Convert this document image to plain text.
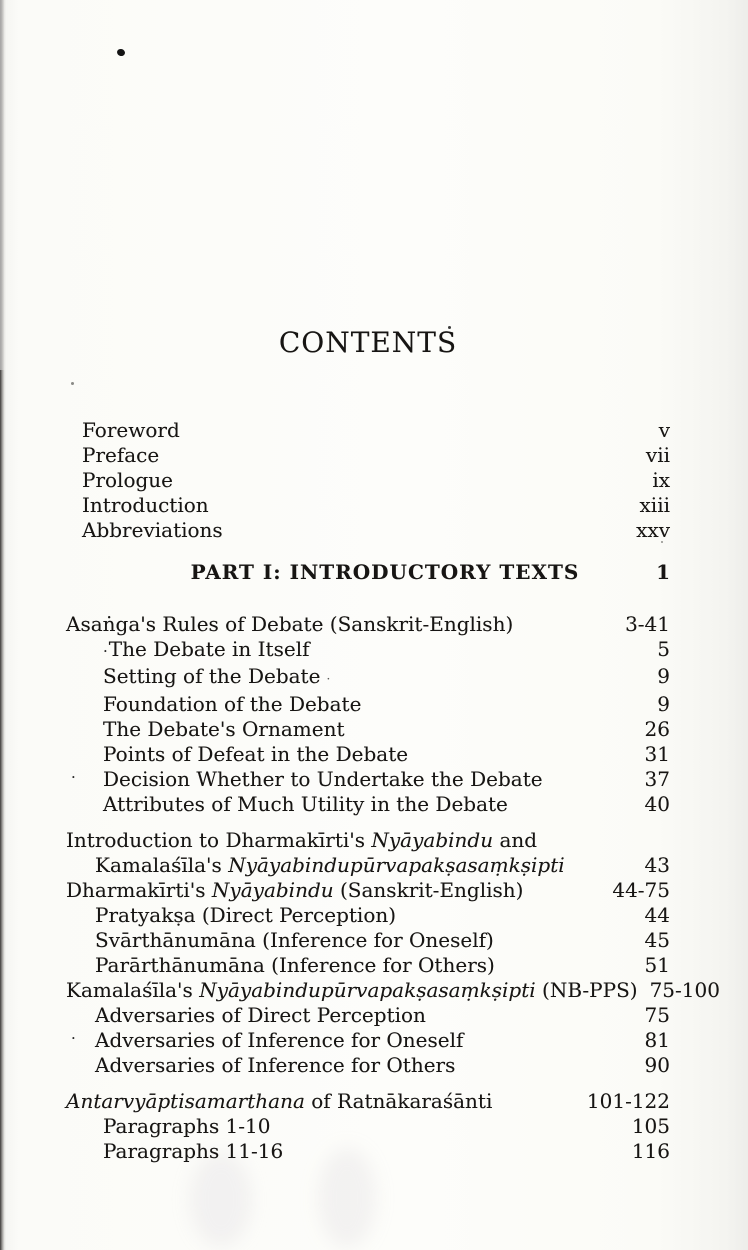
CONTENTS
Foreword	v
Preface	vii
Prologue	ix
Introduction	xiii
Abbreviations	xxv
PART I: INTRODUCTORY TEXTS	1
Asaṅga's Rules of Debate (Sanskrit-English)	3-41
· The Debate in Itself	5
Setting of the Debate ·	9
Foundation of the Debate	9
The Debate's Ornament	26
Points of Defeat in the Debate	31
· Decision Whether to Undertake the Debate	37
Attributes of Much Utility in the Debate	40
Introduction to Dharmakīrti's Nyāyabindu and
Kamalaśīla's Nyāyabindupūrvapakṣasaṃkṣipti	43
Dharmakīrti's Nyāyabindu (Sanskrit-English)	44-75
Pratyakṣa (Direct Perception)	44
Svārthānumāna (Inference for Oneself)	45
Parārthānumāna (Inference for Others)	51
Kamalaśīla's Nyāyabindupūrvapakṣasaṃkṣipti (NB-PPS) 75-100
Adversaries of Direct Perception	75
· Adversaries of Inference for Oneself	81
Adversaries of Inference for Others	90
Antarvyāptisamarthana of Ratnākaraśānti	101-122
Paragraphs 1-10	105
Paragraphs 11-16	116
